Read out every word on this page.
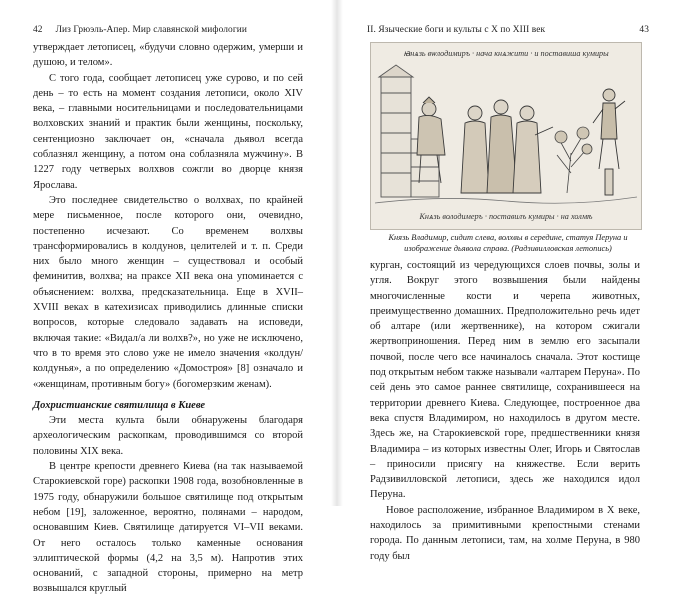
42 Лиз Грюэль-Апер. Мир славянской мифологии

утверждает летописец, «будучи словно одержим, умерши и душою, и телом».

С того года, сообщает летописец уже сурово, и по сей день – то есть на момент создания летописи, около XIV века, – главными носительницами и последовательницами волховских знаний и практик были женщины, поскольку, сентенциозно заключает он, «сначала дьявол всегда соблазнял женщину, а потом она соблазняла мужчину». В 1227 году четверых волхвов сожгли во дворце князя Ярослава.

Это последнее свидетельство о волхвах, по крайней мере письменное, после которого они, очевидно, постепенно исчезают. Со временем волхвы трансформировались в колдунов, целителей и т. п. Среди них было много женщин – существовал и особый феминитив, волхва; на праксе XII века она упоминается с объяснением: волхва, предсказательница. Еще в XVII–XVIII веках в катехизисах приводились длинные списки вопросов, которые следовало задавать на исповеди, включая такие: «Видал/а ли волхв?», но уже не исключено, что в то время это слово уже не имело значения «колдун/колдунья», а по определению «Домостроя» [8] означало и «женщинам, противным богу» (богомерзким женам).

Дохристианские святилища в Киеве

Эти места культа были обнаружены благодаря археологическим раскопкам, проводившимся со второй половины XIX века.

В центре крепости древнего Киева (на так называемой Старокиевской горе) раскопки 1908 года, возобновленные в 1975 году, обнаружили большое святилище под открытым небом [19], заложенное, вероятно, полянами – народом, основавшим Киев. Святилище датируется VI–VII веками. От него осталось только каменные основания эллиптической формы (4,2 на 3,5 м). Напротив этих оснований, с западной стороны, примерно на метр возвышался круглый

II. Языческие боги и культы с X по XIII век	43
ꙗнѧзь вѡлодимиръ · нача кнѧжити · и поставиша кумиры
Кнѧзь володимеръ · поставилъ кумиры · на холмѣ
Князь Владимир, сидит слева, волхвы в середине, статуя Перуна и изображение дьявола справа. (Радзивилловская летопись)

курган, состоящий из чередующихся слоев почвы, золы и угля. Вокруг этого возвышения были найдены многочисленные кости и черепа животных, преимущественно домашних. Предположительно речь идет об алтаре (или жертвеннике), на котором сжигали жертвоприношения. Перед ним в землю его засыпали почвой, после чего все начиналось сначала. Этот костище под открытым небом также называли «алтарем Перуна». По сей день это самое раннее святилище, сохранившееся на территории древнего Киева. Следующее, построенное два века спустя Владимиром, но находилось в другом месте. Здесь же, на Старокиевской горе, предшественники князя Владимира – из которых известны Олег, Игорь и Святослав – приносили присягу на княжестве. Если верить Радзивилловской летописи, здесь же находился идол Перуна.

Новое расположение, избранное Владимиром в X веке, находилось за примитивными крепостными стенами города. По данным летописи, там, на холме Перуна, в 980 году был
